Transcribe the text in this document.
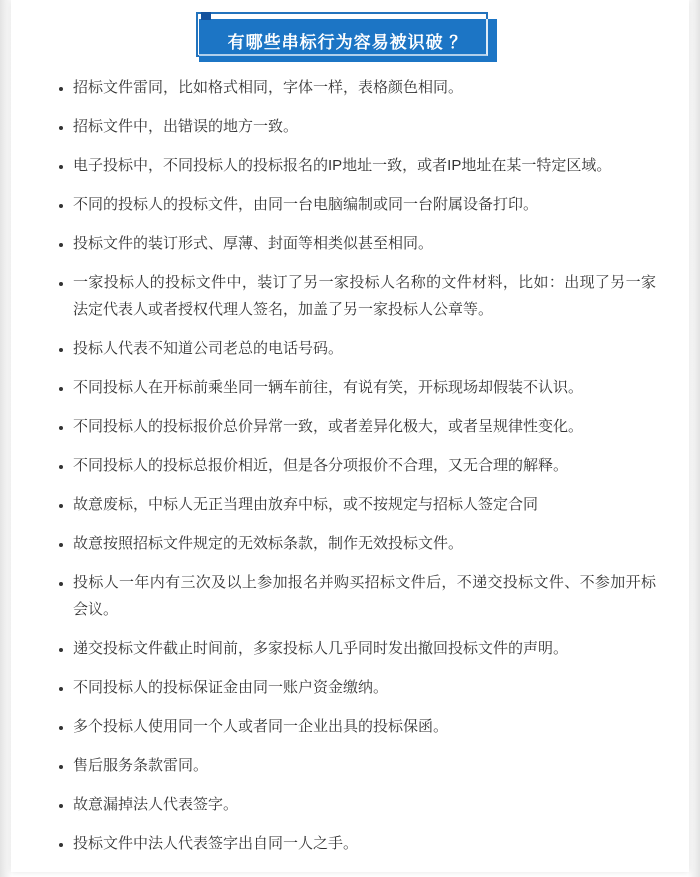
有哪些串标行为容易被识破 ？
• 招标文件雷同，比如格式相同，字体一样，表格颜色相同。
• 招标文件中，出错误的地方一致。
• 电子投标中，不同投标人的投标报名的IP地址一致，或者IP地址在某一特定区域。
• 不同的投标人的投标文件，由同一台电脑编制或同一台附属设备打印。
• 投标文件的装订形式、厚薄、封面等相类似甚至相同。
• 一家投标人的投标文件中，装订了另一家投标人名称的文件材料，比如：出现了另一家法定代表人或者授权代理人签名，加盖了另一家投标人公章等。
• 投标人代表不知道公司老总的电话号码。
• 不同投标人在开标前乘坐同一辆车前往，有说有笑，开标现场却假装不认识。
• 不同投标人的投标报价总价异常一致，或者差异化极大，或者呈规律性变化。
• 不同投标人的投标总报价相近，但是各分项报价不合理，又无合理的解释。
• 故意废标，中标人无正当理由放弃中标，或不按规定与招标人签定合同
• 故意按照招标文件规定的无效标条款，制作无效投标文件。
• 投标人一年内有三次及以上参加报名并购买招标文件后，不递交投标文件、不参加开标会议。
• 递交投标文件截止时间前，多家投标人几乎同时发出撤回投标文件的声明。
• 不同投标人的投标保证金由同一账户资金缴纳。
• 多个投标人使用同一个人或者同一企业出具的投标保函。
• 售后服务条款雷同。
• 故意漏掉法人代表签字。
• 投标文件中法人代表签字出自同一人之手。
